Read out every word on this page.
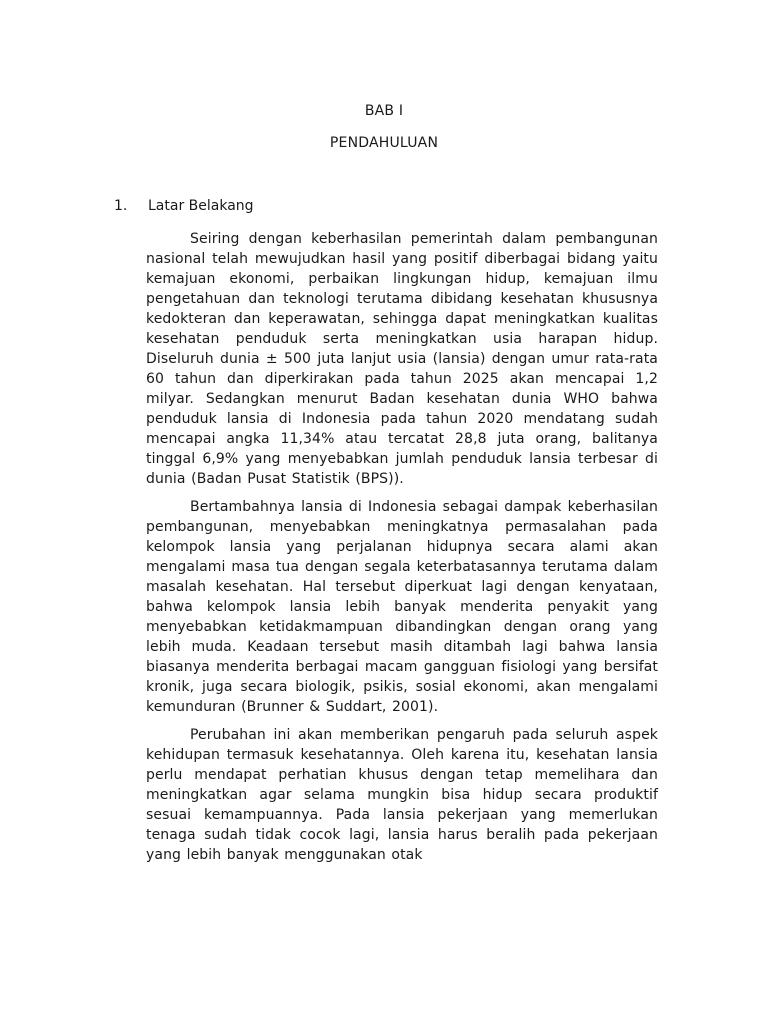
BAB I
PENDAHULUAN
1. Latar Belakang

Seiring dengan keberhasilan pemerintah dalam pembangunan nasional telah mewujudkan hasil yang positif diberbagai bidang yaitu kemajuan ekonomi, perbaikan lingkungan hidup, kemajuan ilmu pengetahuan dan teknologi terutama dibidang kesehatan khususnya kedokteran dan keperawatan, sehingga dapat meningkatkan kualitas kesehatan penduduk serta meningkatkan usia harapan hidup. Diseluruh dunia ± 500 juta lanjut usia (lansia) dengan umur rata-rata 60 tahun dan diperkirakan pada tahun 2025 akan mencapai 1,2 milyar. Sedangkan menurut Badan kesehatan dunia WHO bahwa penduduk lansia di Indonesia pada tahun 2020 mendatang sudah mencapai angka 11,34% atau tercatat 28,8 juta orang, balitanya tinggal 6,9% yang menyebabkan jumlah penduduk lansia terbesar di dunia (Badan Pusat Statistik (BPS)).

Bertambahnya lansia di Indonesia sebagai dampak keberhasilan pembangunan, menyebabkan meningkatnya permasalahan pada kelompok lansia yang perjalanan hidupnya secara alami akan mengalami masa tua dengan segala keterbatasannya terutama dalam masalah kesehatan. Hal tersebut diperkuat lagi dengan kenyataan, bahwa kelompok lansia lebih banyak menderita penyakit yang menyebabkan ketidakmampuan dibandingkan dengan orang yang lebih muda. Keadaan tersebut masih ditambah lagi bahwa lansia biasanya menderita berbagai macam gangguan fisiologi yang bersifat kronik, juga secara biologik, psikis, sosial ekonomi, akan mengalami kemunduran (Brunner & Suddart, 2001).

Perubahan ini akan memberikan pengaruh pada seluruh aspek kehidupan termasuk kesehatannya. Oleh karena itu, kesehatan lansia perlu mendapat perhatian khusus dengan tetap memelihara dan meningkatkan agar selama mungkin bisa hidup secara produktif sesuai kemampuannya. Pada lansia pekerjaan yang memerlukan tenaga sudah tidak cocok lagi, lansia harus beralih pada pekerjaan yang lebih banyak menggunakan otak
